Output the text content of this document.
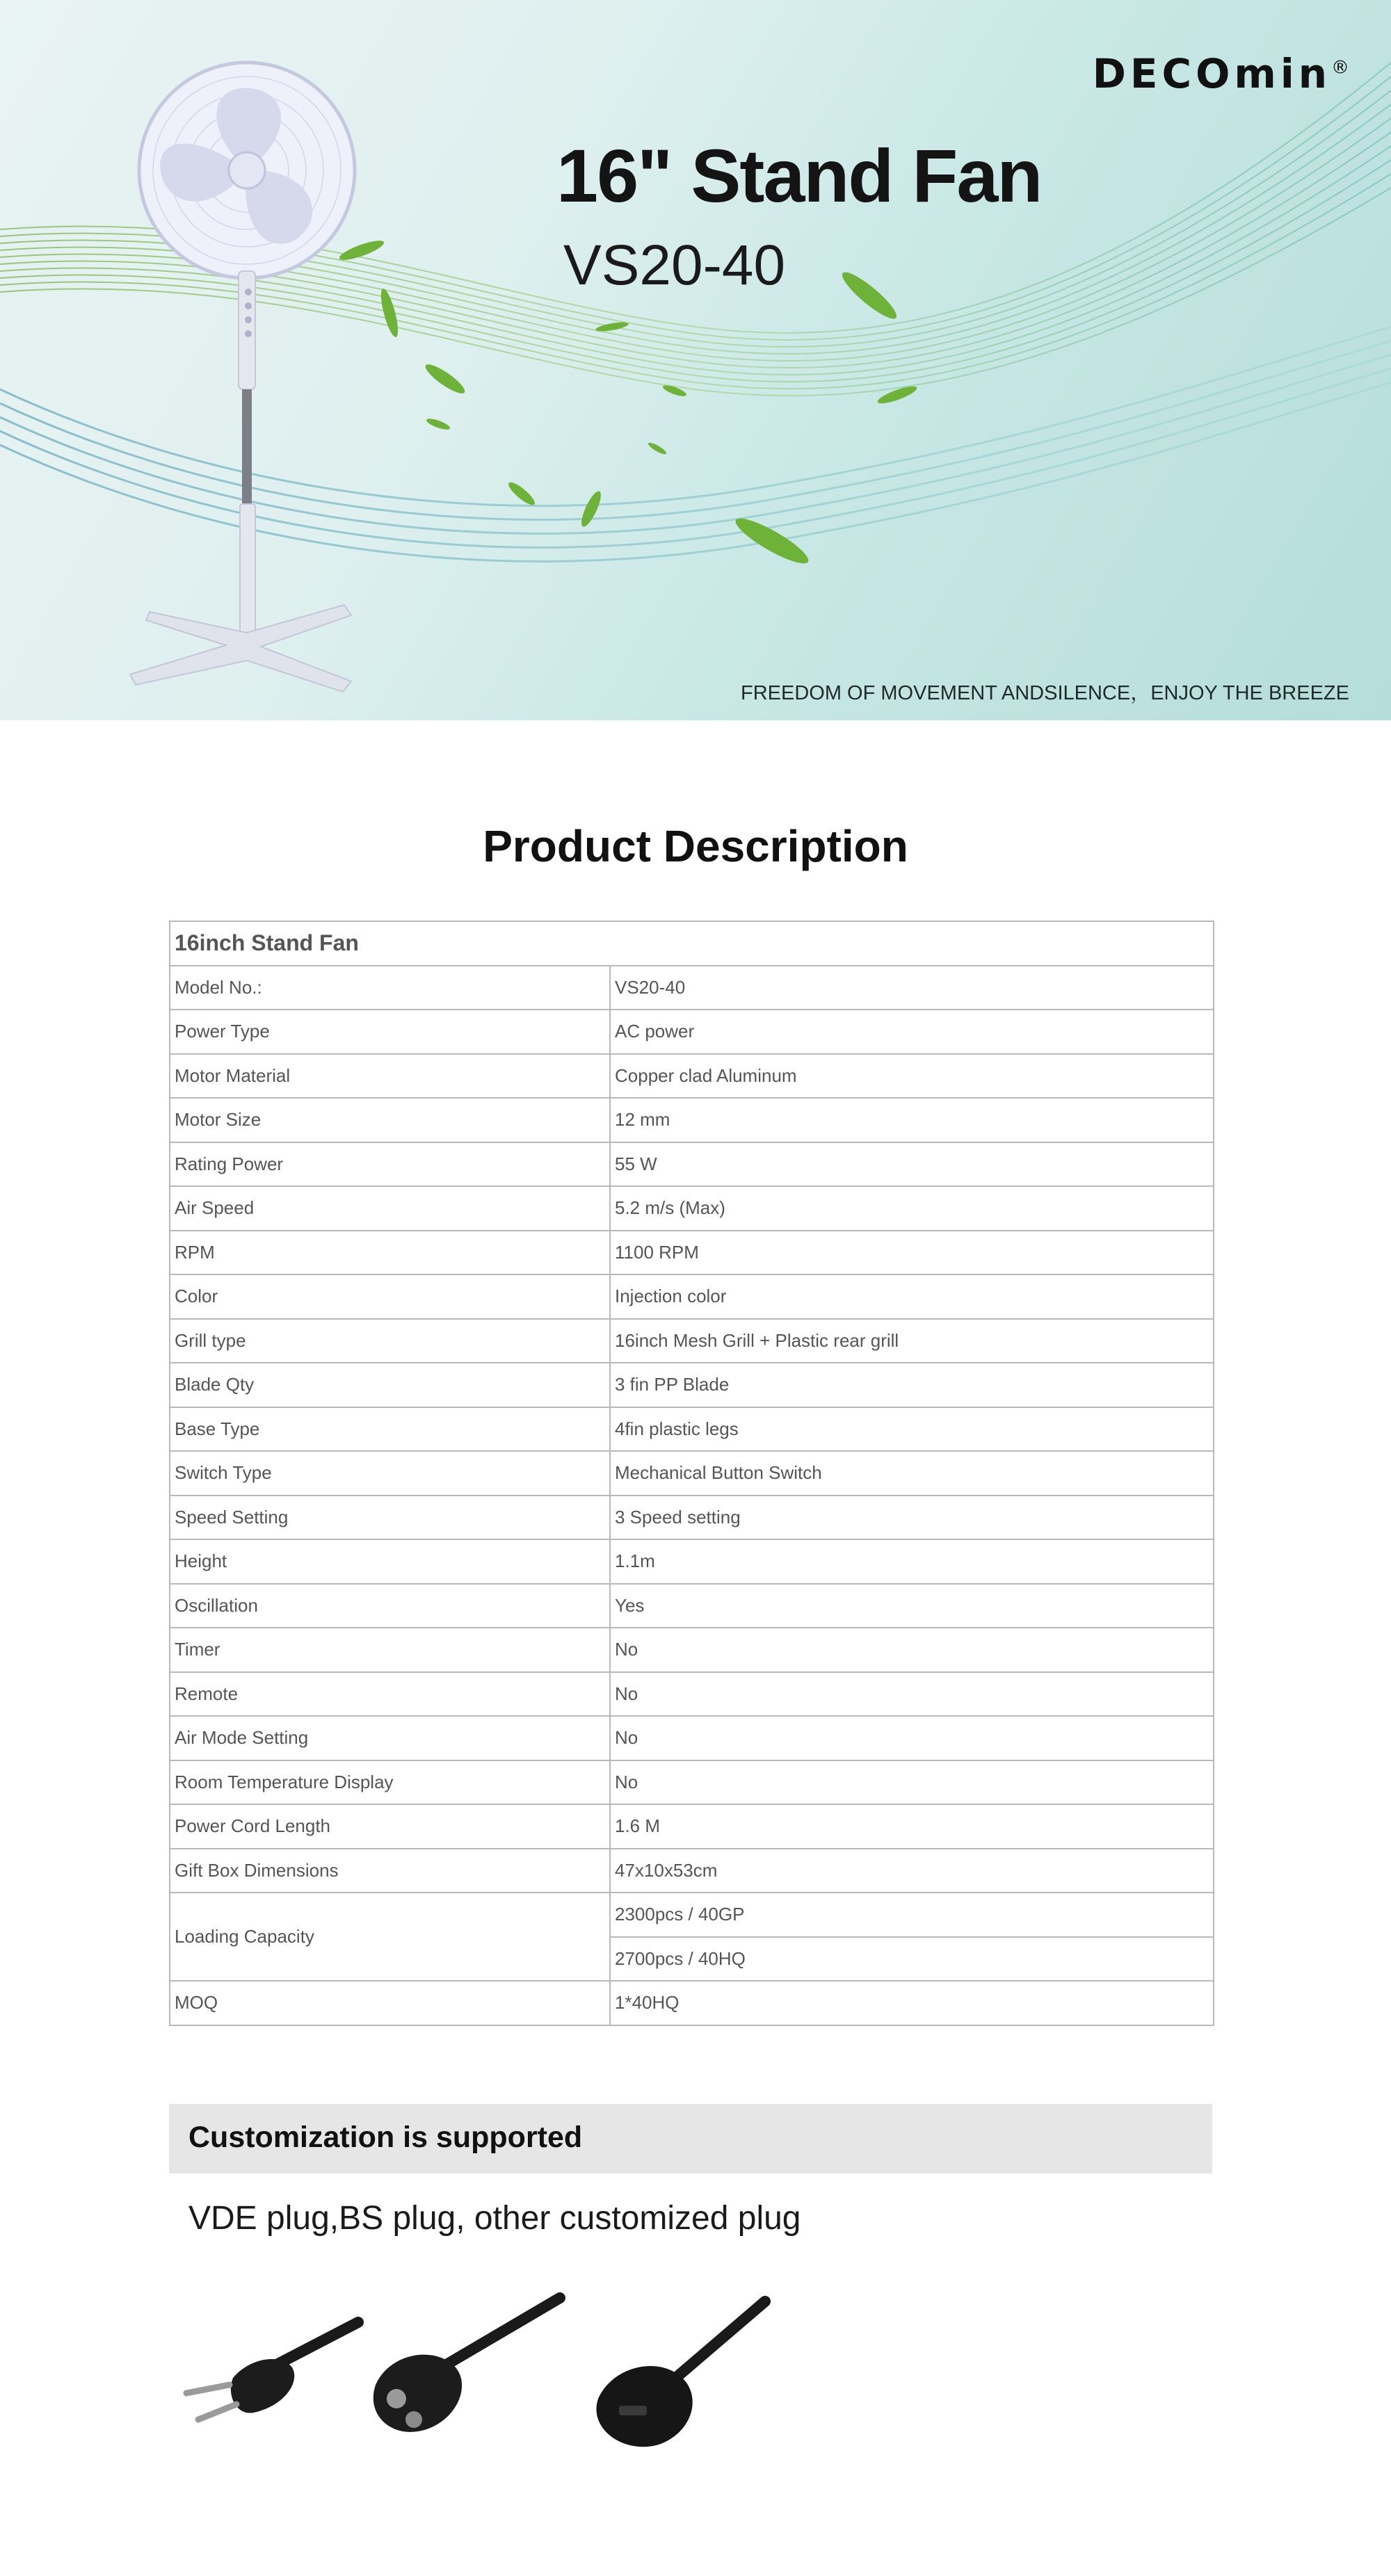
DECOmin®
16" Stand Fan
VS20-40
FREEDOM OF MOVEMENT ANDSILENCE，ENJOY THE BREEZE
Product Description
16inch Stand Fan	
Model No.:	VS20-40
Power Type	AC power
Motor Material	Copper clad Aluminum
Motor Size	12 mm
Rating Power	55 W
Air Speed	5.2 m/s (Max)
RPM	1100 RPM
Color	Injection color
Grill type	16inch Mesh Grill + Plastic rear grill
Blade Qty	3 fin PP Blade
Base Type	4fin plastic legs
Switch Type	Mechanical Button Switch
Speed Setting	3 Speed setting
Height	1.1m
Oscillation	Yes
Timer	No
Remote	No
Air Mode Setting	No
Room Temperature Display	No
Power Cord Length	1.6 M
Gift Box Dimensions	47x10x53cm
Loading Capacity	2300pcs / 40GP
	2700pcs / 40HQ
MOQ	1*40HQ
Customization is supported
VDE plug,BS plug, other customized plug
